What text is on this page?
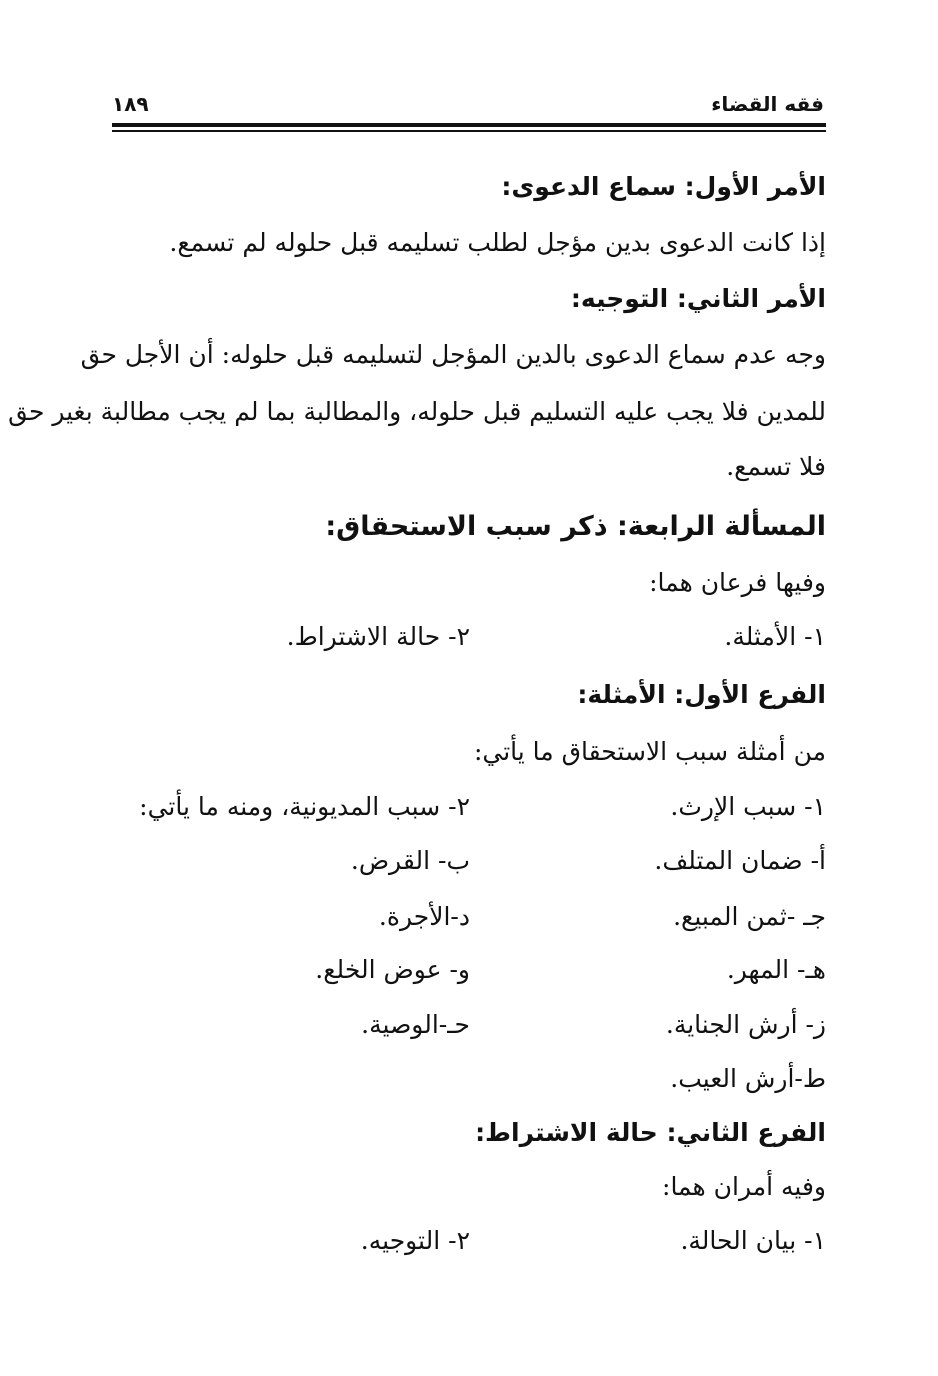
فقه القضاء
١٨٩
الأمر الأول: سماع الدعوى:
إذا كانت الدعوى بدين مؤجل لطلب تسليمه قبل حلوله لم تسمع.
الأمر الثاني: التوجيه:
وجه عدم سماع الدعوى بالدين المؤجل لتسليمه قبل حلوله: أن الأجل حق
للمدين فلا يجب عليه التسليم قبل حلوله، والمطالبة بما لم يجب مطالبة بغير حق
فلا تسمع.
المسألة الرابعة: ذكر سبب الاستحقاق:
وفيها فرعان هما:
١- الأمثلة.
٢- حالة الاشتراط.
الفرع الأول: الأمثلة:
من أمثلة سبب الاستحقاق ما يأتي:
١- سبب الإرث.
٢- سبب المديونية، ومنه ما يأتي:
أ- ضمان المتلف.
ب- القرض.
جـ -ثمن المبيع.
د-الأجرة.
هـ- المهر.
و- عوض الخلع.
ز- أرش الجناية.
حـ-الوصية.
ط-أرش العيب.
الفرع الثاني: حالة الاشتراط:
وفيه أمران هما:
١- بيان الحالة.
٢- التوجيه.
